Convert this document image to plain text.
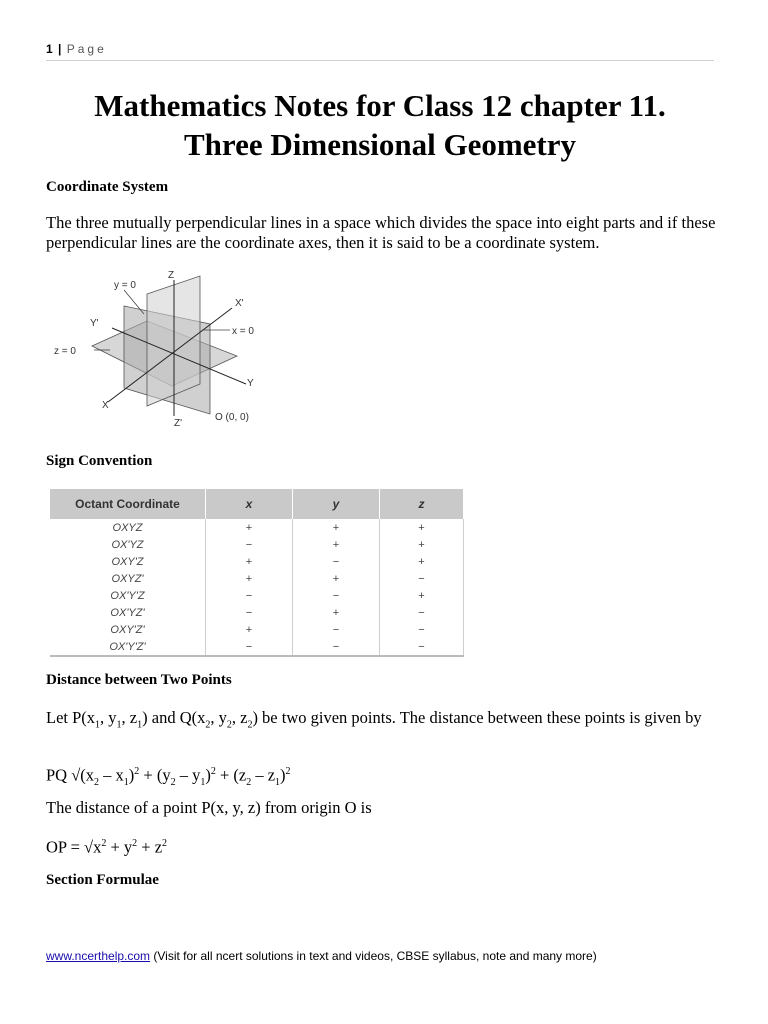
1 | Page
Mathematics Notes for Class 12 chapter 11.
Three Dimensional Geometry
Coordinate System

The three mutually perpendicular lines in a space which divides the space into eight parts and if these perpendicular lines are the coordinate axes, then it is said to be a coordinate system.

Z
y = 0
X'
Y'
x = 0
z = 0
Y
X
Z'
O (0, 0)
Sign Convention
Octant Coordinate	x	y	z
OXYZ	+	+	+
OX'YZ	−	+	+
OXY'Z	+	−	+
OXYZ'	+	+	−
OX'Y'Z	−	−	+
OX'YZ'	−	+	−
OXY'Z'	+	−	−
OX'Y'Z'	−	−	−
Distance between Two Points

Let $P(x_1$, $y_1$, $z_1$) and $Q(x_2$, $y_2$, $z_2$) be two given points. The distance between these points is given by

PQ $√(x_2 - x_1)^2 + (y_2 - y_1)^2 + (z_2 - z_1)^2$

The distance of a point P(x, y, z) from origin O is

OP = $√x^2 + y^2 + z^2$

Section Formulae
www.ncerthelp.com (Visit for all ncert solutions in text and videos, CBSE syllabus, note and many more)
